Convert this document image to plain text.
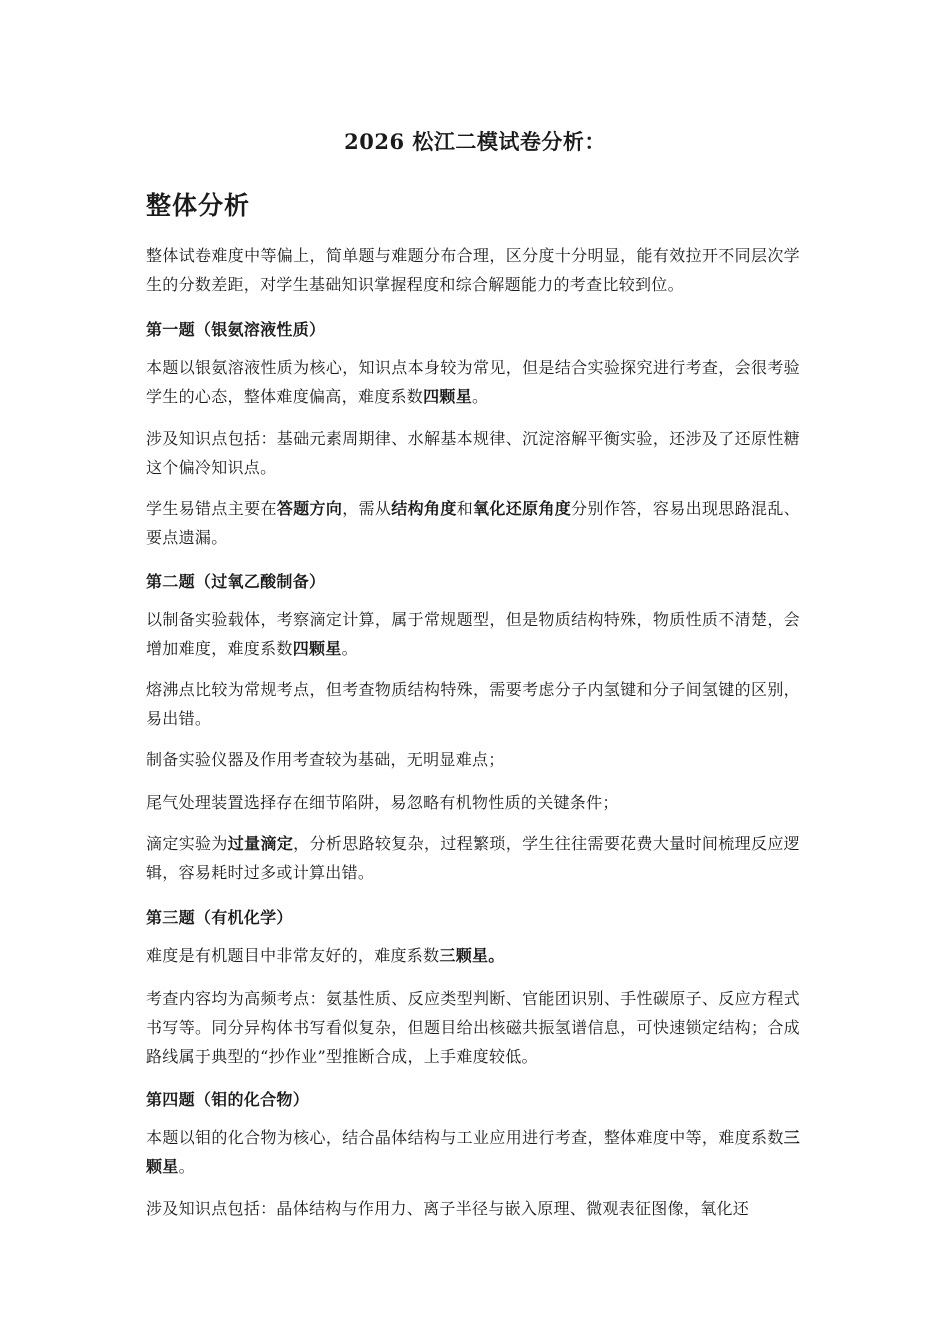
2026 松江二模试卷分析：
整体分析
整体试卷难度中等偏上，简单题与难题分布合理，区分度十分明显，能有效拉开不同层次学生的分数差距，对学生基础知识掌握程度和综合解题能力的考查比较到位。
第一题（银氨溶液性质）
本题以银氨溶液性质为核心，知识点本身较为常见，但是结合实验探究进行考查，会很考验学生的心态，整体难度偏高，难度系数四颗星。
涉及知识点包括：基础元素周期律、水解基本规律、沉淀溶解平衡实验，还涉及了还原性糖这个偏冷知识点。
学生易错点主要在答题方向，需从结构角度和氧化还原角度分别作答，容易出现思路混乱、要点遗漏。
第二题（过氧乙酸制备）
以制备实验载体，考察滴定计算，属于常规题型，但是物质结构特殊，物质性质不清楚，会增加难度，难度系数四颗星。
熔沸点比较为常规考点，但考查物质结构特殊，需要考虑分子内氢键和分子间氢键的区别，易出错。
制备实验仪器及作用考查较为基础，无明显难点；
尾气处理装置选择存在细节陷阱，易忽略有机物性质的关键条件；
滴定实验为过量滴定，分析思路较复杂，过程繁琐，学生往往需要花费大量时间梳理反应逻辑，容易耗时过多或计算出错。
第三题（有机化学）
难度是有机题目中非常友好的，难度系数三颗星。
考查内容均为高频考点：氨基性质、反应类型判断、官能团识别、手性碳原子、反应方程式书写等。同分异构体书写看似复杂，但题目给出核磁共振氢谱信息，可快速锁定结构；合成路线属于典型的“抄作业”型推断合成，上手难度较低。
第四题（钼的化合物）
本题以钼的化合物为核心，结合晶体结构与工业应用进行考查，整体难度中等，难度系数三颗星。
涉及知识点包括：晶体结构与作用力、离子半径与嵌入原理、微观表征图像，氧化还
